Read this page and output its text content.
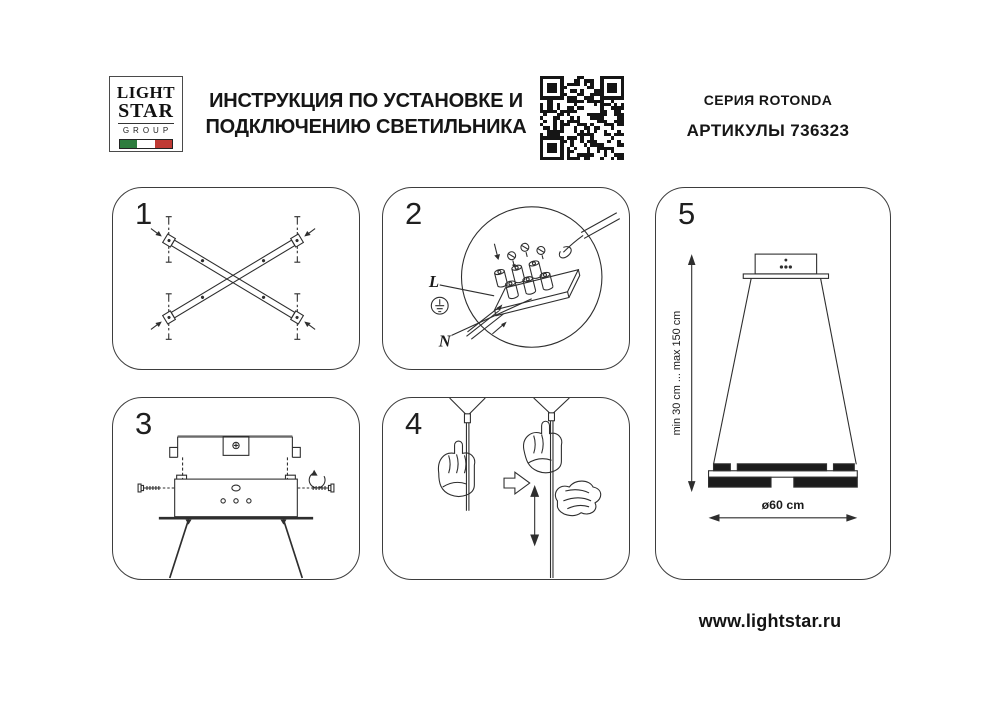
LIGHT
STAR
GROUP
ИНСТРУКЦИЯ ПО УСТАНОВКЕ И
ПОДКЛЮЧЕНИЮ СВЕТИЛЬНИКА
СЕРИЯ ROTONDA
АРТИКУЛЫ 736323
1	2
L
N
3	4
5
min 30 cm ... max 150 cm
ø60 cm
www.lightstar.ru
